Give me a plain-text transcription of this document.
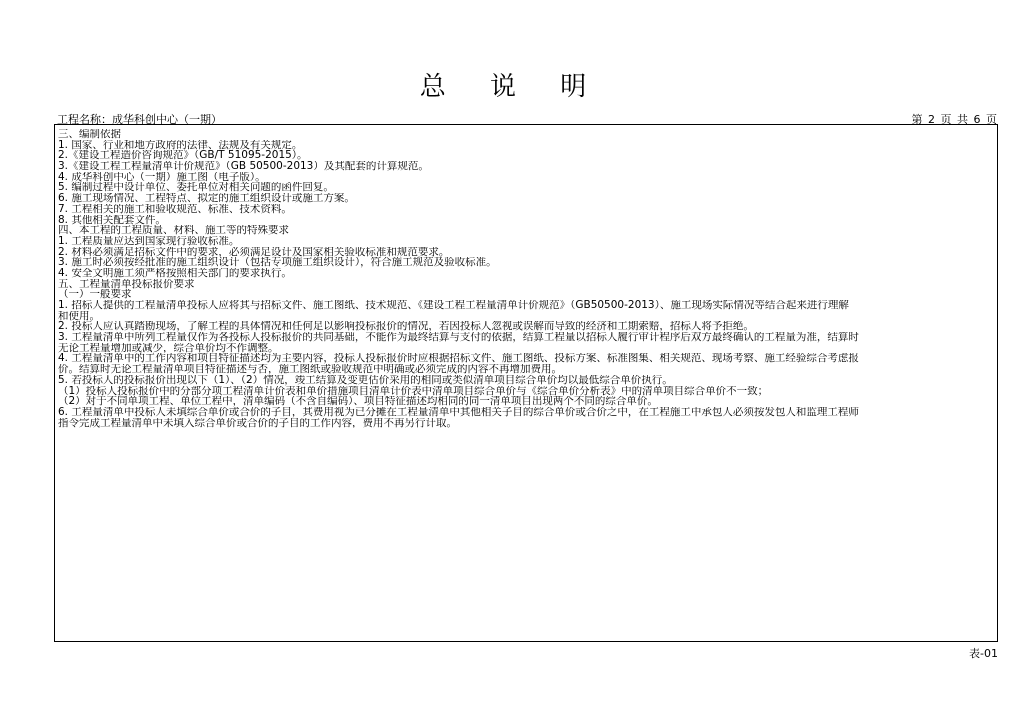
总 说 明
工程名称：成华科创中心（一期）	第 2 页 共 6 页
三、编制依据
1. 国家、行业和地方政府的法律、法规及有关规定。
2.《建设工程造价咨询规范》（GB/T 51095-2015）。
3.《建设工程工程量清单计价规范》（GB 50500-2013）及其配套的计算规范。
4. 成华科创中心（一期）施工图（电子版）。
5. 编制过程中设计单位、委托单位对相关问题的函件回复。
6. 施工现场情况、工程特点、拟定的施工组织设计或施工方案。
7. 工程相关的施工和验收规范、标准、技术资料。
8. 其他相关配套文件。
四、本工程的工程质量、材料、施工等的特殊要求
1. 工程质量应达到国家现行验收标准。
2. 材料必须满足招标文件中的要求，必须满足设计及国家相关验收标准和规范要求。
3. 施工时必须按经批准的施工组织设计（包括专项施工组织设计），符合施工规范及验收标准。
4. 安全文明施工须严格按照相关部门的要求执行。
五、工程量清单投标报价要求
（一）一般要求
1. 招标人提供的工程量清单投标人应将其与招标文件、施工图纸、技术规范、《建设工程工程量清单计价规范》（GB50500-2013）、施工现场实际情况等结合起来进行理解
和使用。
2. 投标人应认真踏勘现场，了解工程的具体情况和任何足以影响投标报价的情况，若因投标人忽视或误解而导致的经济和工期索赔，招标人将予拒绝。
3. 工程量清单中所列工程量仅作为各投标人投标报价的共同基础，不能作为最终结算与支付的依据，结算工程量以招标人履行审计程序后双方最终确认的工程量为准，结算时
无论工程量增加或减少，综合单价均不作调整。
4. 工程量清单中的工作内容和项目特征描述均为主要内容，投标人投标报价时应根据招标文件、施工图纸、投标方案、标准图集、相关规范、现场考察、施工经验综合考虑报
价。结算时无论工程量清单项目特征描述与否，施工图纸或验收规范中明确或必须完成的内容不再增加费用。
5. 若投标人的投标报价出现以下（1）、（2）情况，竣工结算及变更估价采用的相同或类似清单项目综合单价均以最低综合单价执行。
（1）投标人投标报价中的分部分项工程清单计价表和单价措施项目清单计价表中清单项目综合单价与《综合单价分析表》中的清单项目综合单价不一致；
（2）对于不同单项工程、单位工程中，清单编码（不含自编码）、项目特征描述均相同的同一清单项目出现两个不同的综合单价。
6. 工程量清单中投标人未填综合单价或合价的子目，其费用视为已分摊在工程量清单中其他相关子目的综合单价或合价之中，在工程施工中承包人必须按发包人和监理工程师
指令完成工程量清单中未填入综合单价或合价的子目的工作内容，费用不再另行计取。
表-01
